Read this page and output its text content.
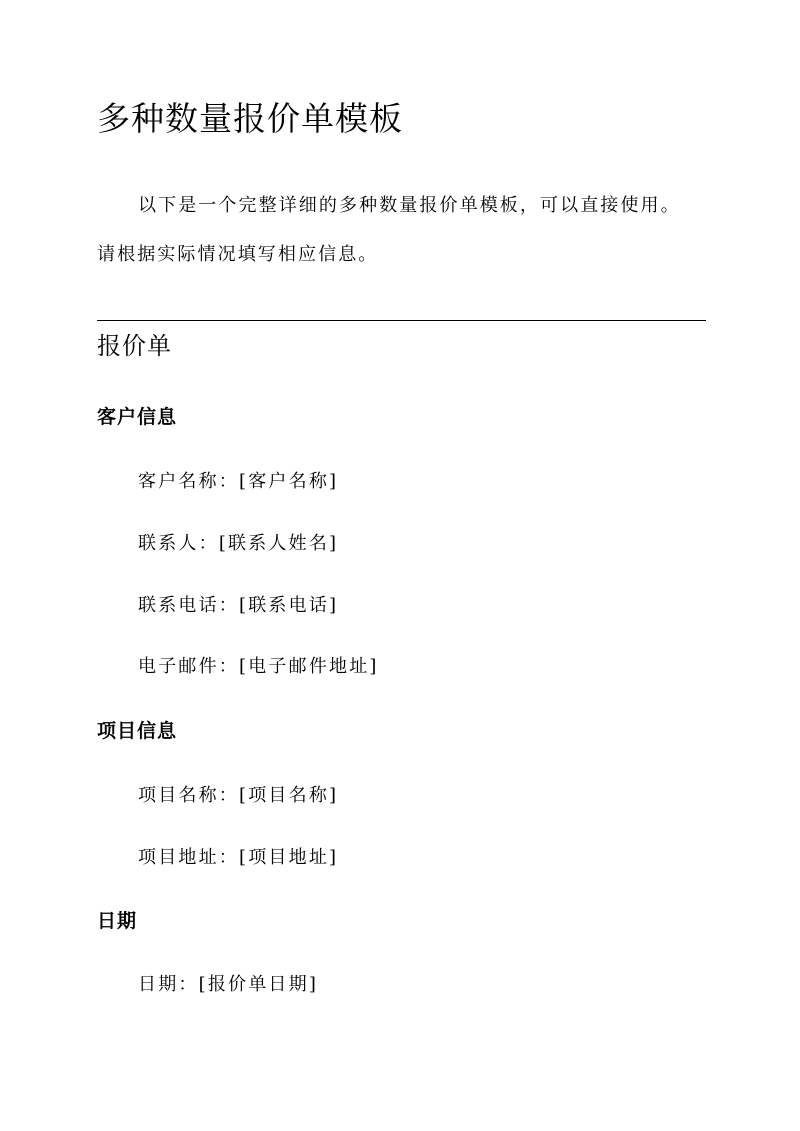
多种数量报价单模板

以下是一个完整详细的多种数量报价单模板，可以直接使用。

请根据实际情况填写相应信息。

报价单
客户信息

客户名称：[客户名称]

联系人：[联系人姓名]

联系电话：[联系电话]

电子邮件：[电子邮件地址]

项目信息

项目名称：[项目名称]

项目地址：[项目地址]

日期

日期：[报价单日期]
